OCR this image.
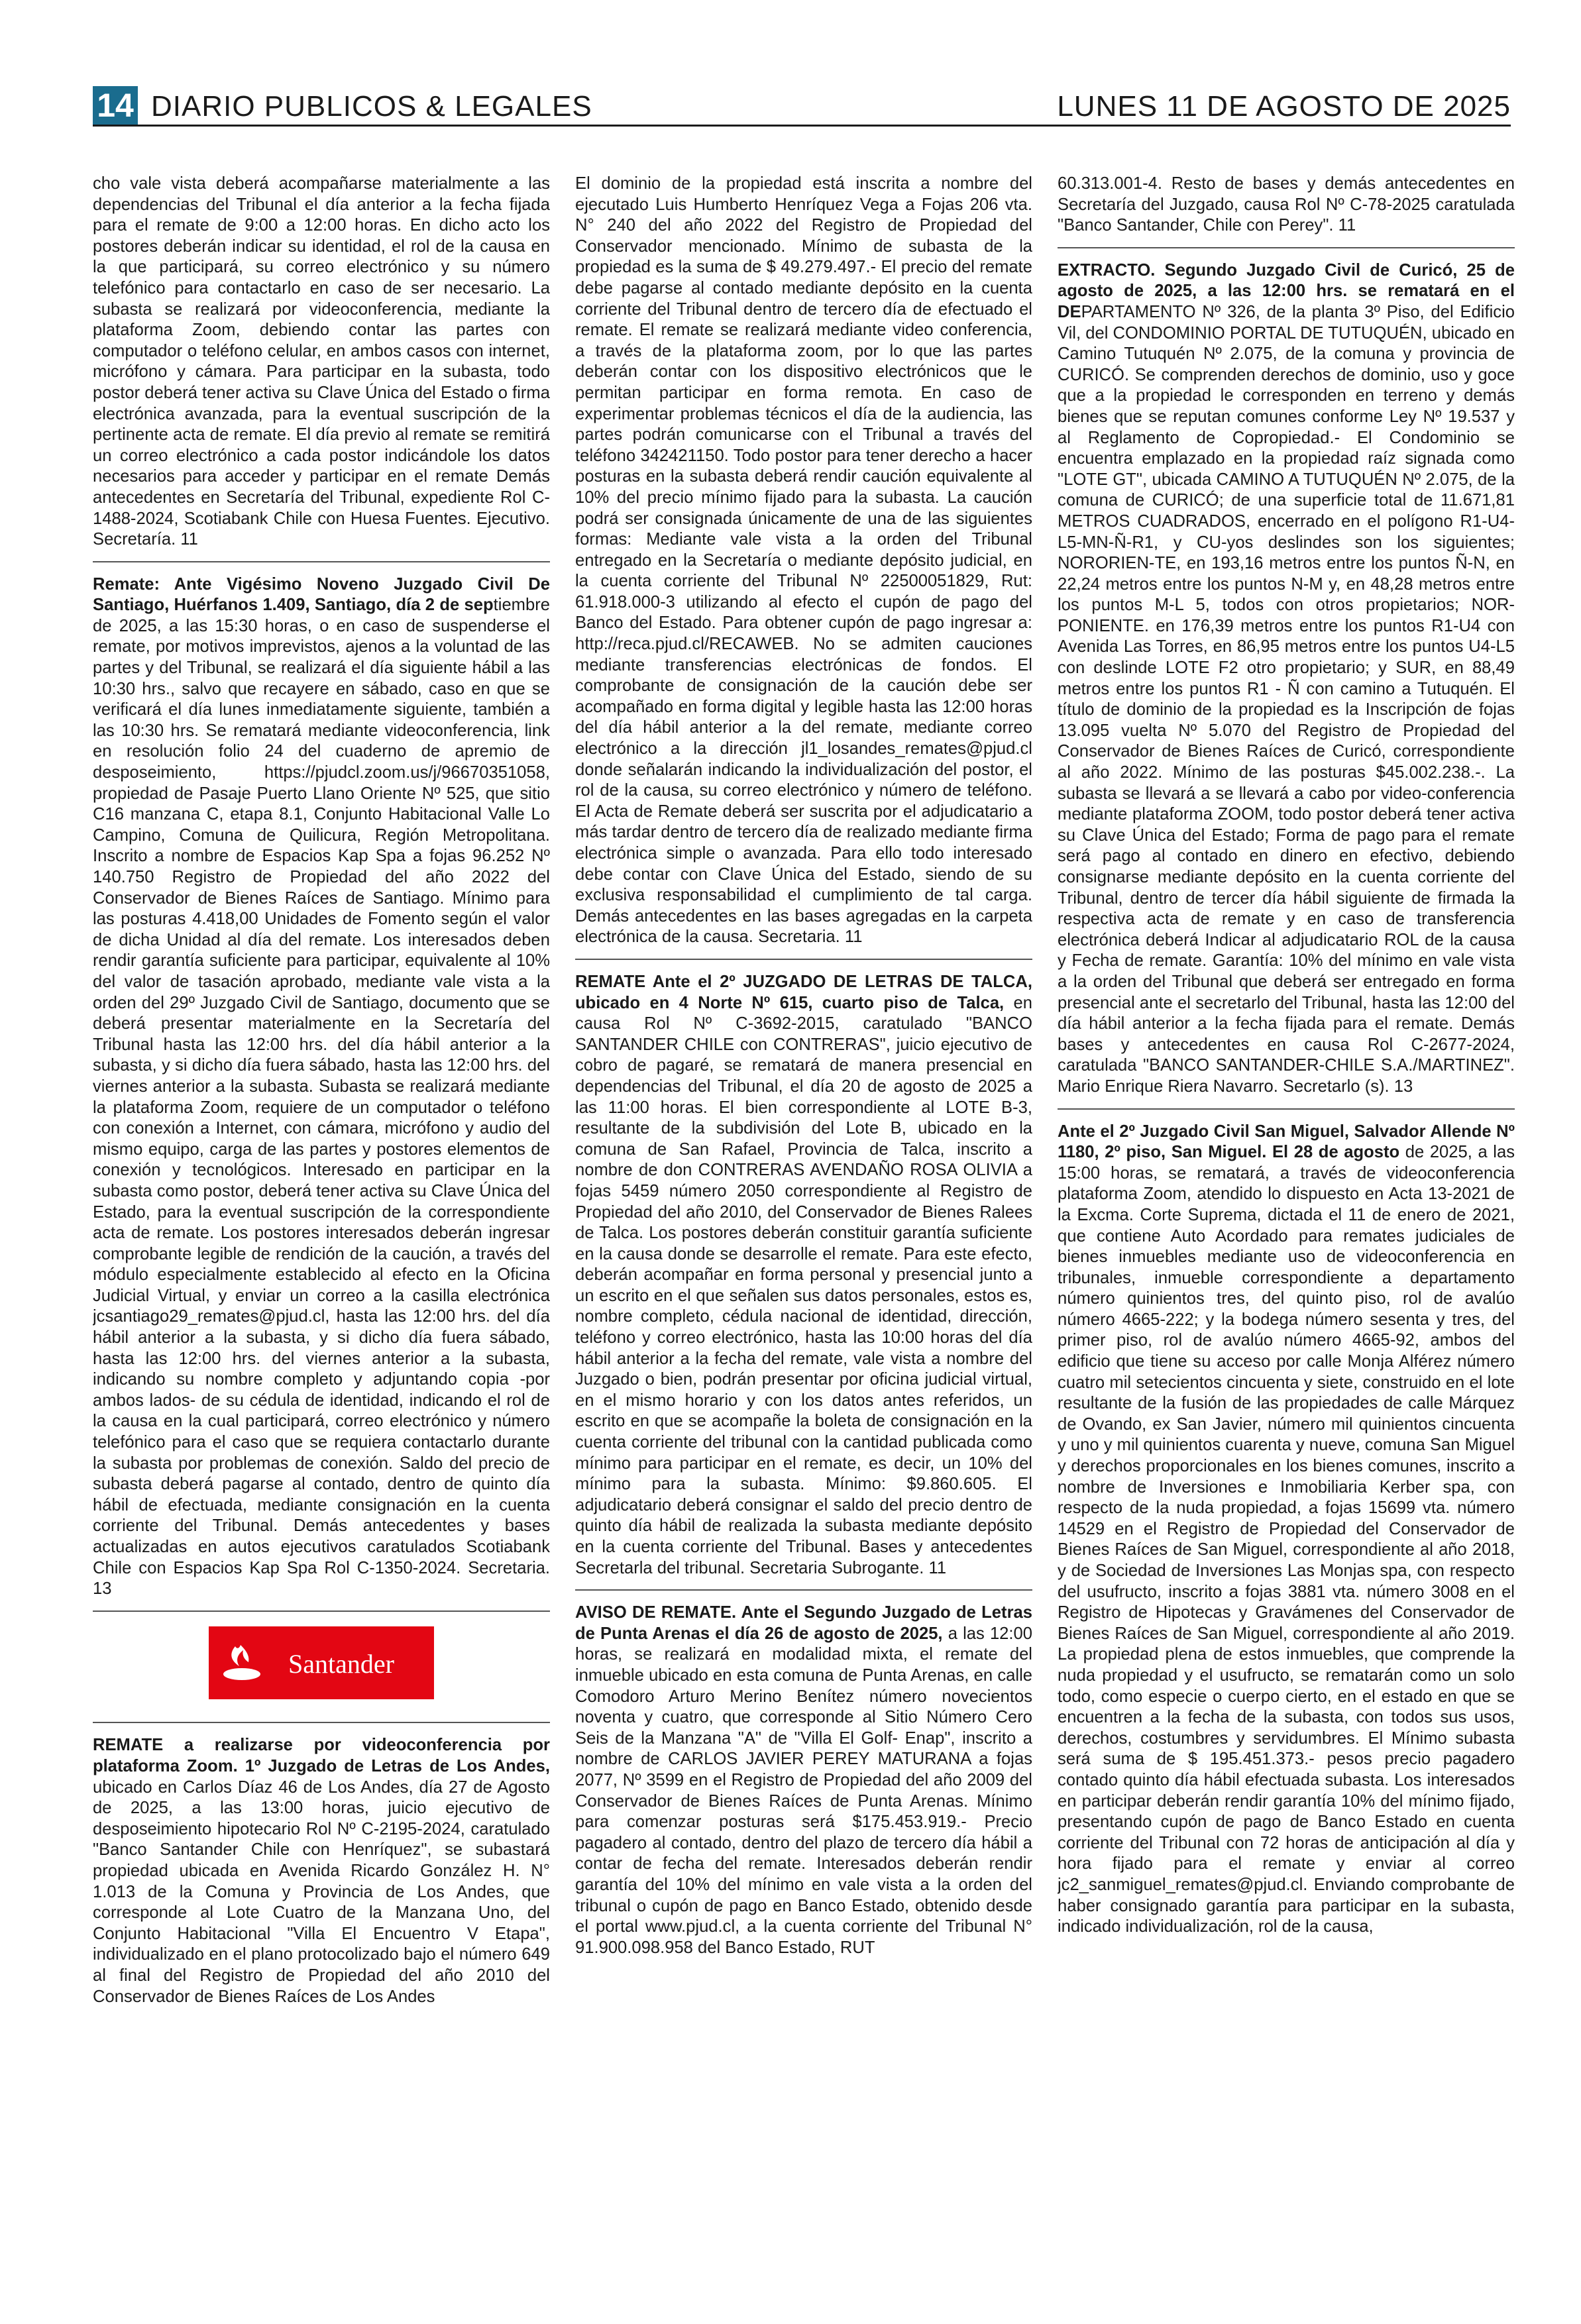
14 DIARIO PUBLICOS & LEGALES	LUNES 11 DE AGOSTO DE 2025

cho vale vista deberá acompañarse materialmente a las dependencias del Tribunal el día anterior a la fecha fijada para el remate de 9:00 a 12:00 horas. En dicho acto los postores deberán indicar su identidad, el rol de la causa en la que participará, su correo electrónico y su número telefónico para contactarlo en caso de ser necesario. La subasta se realizará por videoconferencia, mediante la plataforma Zoom, debiendo contar las partes con computador o teléfono celular, en ambos casos con internet, micrófono y cámara. Para participar en la subasta, todo postor deberá tener activa su Clave Única del Estado o firma electrónica avanzada, para la eventual suscripción de la pertinente acta de remate. El día previo al remate se remitirá un correo electrónico a cada postor indicándole los datos necesarios para acceder y participar en el remate Demás antecedentes en Secretaría del Tribunal, expediente Rol C-1488-2024, Scotiabank Chile con Huesa Fuentes. Ejecutivo. Secretaría. 11

Remate: Ante Vigésimo Noveno Juzgado Civil De Santiago, Huérfanos 1.409, Santiago, día 2 de septiembre de 2025, a las 15:30 horas, o en caso de suspenderse el remate, por motivos imprevistos, ajenos a la voluntad de las partes y del Tribunal, se realizará el día siguiente hábil a las 10:30 hrs., salvo que recayere en sábado, caso en que se verificará el día lunes inmediatamente siguiente, también a las 10:30 hrs. Se rematará mediante videoconferencia, link en resolución folio 24 del cuaderno de apremio de desposeimiento, https://pjudcl.zoom.us/j/96670351058, propiedad de Pasaje Puerto Llano Oriente Nº 525, que sitio C16 manzana C, etapa 8.1, Conjunto Habitacional Valle Lo Campino, Comuna de Quilicura, Región Metropolitana. Inscrito a nombre de Espacios Kap Spa a fojas 96.252 Nº 140.750 Registro de Propiedad del año 2022 del Conservador de Bienes Raíces de Santiago. Mínimo para las posturas 4.418,00 Unidades de Fomento según el valor de dicha Unidad al día del remate. Los interesados deben rendir garantía suficiente para participar, equivalente al 10% del valor de tasación aprobado, mediante vale vista a la orden del 29º Juzgado Civil de Santiago, documento que se deberá presentar materialmente en la Secretaría del Tribunal hasta las 12:00 hrs. del día hábil anterior a la subasta, y si dicho día fuera sábado, hasta las 12:00 hrs. del viernes anterior a la subasta. Subasta se realizará mediante la plataforma Zoom, requiere de un computador o teléfono con conexión a Internet, con cámara, micrófono y audio del mismo equipo, carga de las partes y postores elementos de conexión y tecnológicos. Interesado en participar en la subasta como postor, deberá tener activa su Clave Única del Estado, para la eventual suscripción de la correspondiente acta de remate. Los postores interesados deberán ingresar comprobante legible de rendición de la caución, a través del módulo especialmente establecido al efecto en la Oficina Judicial Virtual, y enviar un correo a la casilla electrónica jcsantiago29_remates@pjud.cl, hasta las 12:00 hrs. del día hábil anterior a la subasta, y si dicho día fuera sábado, hasta las 12:00 hrs. del viernes anterior a la subasta, indicando su nombre completo y adjuntando copia -por ambos lados- de su cédula de identidad, indicando el rol de la causa en la cual participará, correo electrónico y número telefónico para el caso que se requiera contactarlo durante la subasta por problemas de conexión. Saldo del precio de subasta deberá pagarse al contado, dentro de quinto día hábil de efectuada, mediante consignación en la cuenta corriente del Tribunal. Demás antecedentes y bases actualizadas en autos ejecutivos caratulados Scotiabank Chile con Espacios Kap Spa Rol C-1350-2024. Secretaria. 13

Santander

REMATE a realizarse por videoconferencia por plataforma Zoom. 1º Juzgado de Letras de Los Andes, ubicado en Carlos Díaz 46 de Los Andes, día 27 de Agosto de 2025, a las 13:00 horas, juicio ejecutivo de desposeimiento hipotecario Rol Nº C-2195-2024, caratulado "Banco Santander Chile con Henríquez", se subastará propiedad ubicada en Avenida Ricardo González H. N° 1.013 de la Comuna y Provincia de Los Andes, que corresponde al Lote Cuatro de la Manzana Uno, del Conjunto Habitacional "Villa El Encuentro V Etapa", individualizado en el plano protocolizado bajo el número 649 al final del Registro de Propiedad del año 2010 del Conservador de Bienes Raíces de Los Andes

El dominio de la propiedad está inscrita a nombre del ejecutado Luis Humberto Henríquez Vega a Fojas 206 vta. N° 240 del año 2022 del Registro de Propiedad del Conservador mencionado. Mínimo de subasta de la propiedad es la suma de $ 49.279.497.- El precio del remate debe pagarse al contado mediante depósito en la cuenta corriente del Tribunal dentro de tercero día de efectuado el remate. El remate se realizará mediante video conferencia, a través de la plataforma zoom, por lo que las partes deberán contar con los dispositivo electrónicos que le permitan participar en forma remota. En caso de experimentar problemas técnicos el día de la audiencia, las partes podrán comunicarse con el Tribunal a través del teléfono 342421150. Todo postor para tener derecho a hacer posturas en la subasta deberá rendir caución equivalente al 10% del precio mínimo fijado para la subasta. La caución podrá ser consignada únicamente de una de las siguientes formas: Mediante vale vista a la orden del Tribunal entregado en la Secretaría o mediante depósito judicial, en la cuenta corriente del Tribunal Nº 22500051829, Rut: 61.918.000-3 utilizando al efecto el cupón de pago del Banco del Estado. Para obtener cupón de pago ingresar a: http://reca.pjud.cl/RECAWEB. No se admiten cauciones mediante transferencias electrónicas de fondos. El comprobante de consignación de la caución debe ser acompañado en forma digital y legible hasta las 12:00 horas del día hábil anterior a la del remate, mediante correo electrónico a la dirección jl1_losandes_remates@pjud.cl donde señalarán indicando la individualización del postor, el rol de la causa, su correo electrónico y número de teléfono. El Acta de Remate deberá ser suscrita por el adjudicatario a más tardar dentro de tercero día de realizado mediante firma electrónica simple o avanzada. Para ello todo interesado debe contar con Clave Única del Estado, siendo de su exclusiva responsabilidad el cumplimiento de tal carga. Demás antecedentes en las bases agregadas en la carpeta electrónica de la causa. Secretaria. 11

REMATE Ante el 2º JUZGADO DE LETRAS DE TALCA, ubicado en 4 Norte Nº 615, cuarto piso de Talca, en causa Rol Nº C-3692-2015, caratulado "BANCO SANTANDER CHILE con CONTRERAS", juicio ejecutivo de cobro de pagaré, se rematará de manera presencial en dependencias del Tribunal, el día 20 de agosto de 2025 a las 11:00 horas. El bien correspondiente al LOTE B-3, resultante de la subdivisión del Lote B, ubicado en la comuna de San Rafael, Provincia de Talca, inscrito a nombre de don CONTRERAS AVENDAÑO ROSA OLIVIA a fojas 5459 número 2050 correspondiente al Registro de Propiedad del año 2010, del Conservador de Bienes Ralees de Talca. Los postores deberán constituir garantía suficiente en la causa donde se desarrolle el remate. Para este efecto, deberán acompañar en forma personal y presencial junto a un escrito en el que señalen sus datos personales, estos es, nombre completo, cédula nacional de identidad, dirección, teléfono y correo electrónico, hasta las 10:00 horas del día hábil anterior a la fecha del remate, vale vista a nombre del Juzgado o bien, podrán presentar por oficina judicial virtual, en el mismo horario y con los datos antes referidos, un escrito en que se acompañe la boleta de consignación en la cuenta corriente del tribunal con la cantidad publicada como mínimo para participar en el remate, es decir, un 10% del mínimo para la subasta. Mínimo: $9.860.605. El adjudicatario deberá consignar el saldo del precio dentro de quinto día hábil de realizada la subasta mediante depósito en la cuenta corriente del Tribunal. Bases y antecedentes Secretarla del tribunal. Secretaria Subrogante. 11

AVISO DE REMATE. Ante el Segundo Juzgado de Letras de Punta Arenas el día 26 de agosto de 2025, a las 12:00 horas, se realizará en modalidad mixta, el remate del inmueble ubicado en esta comuna de Punta Arenas, en calle Comodoro Arturo Merino Benítez número novecientos noventa y cuatro, que corresponde al Sitio Número Cero Seis de la Manzana "A" de "Villa El Golf- Enap", inscrito a nombre de CARLOS JAVIER PEREY MATURANA a fojas 2077, Nº 3599 en el Registro de Propiedad del año 2009 del Conservador de Bienes Raíces de Punta Arenas. Mínimo para comenzar posturas será $175.453.919.- Precio pagadero al contado, dentro del plazo de tercero día hábil a contar de fecha del remate. Interesados deberán rendir garantía del 10% del mínimo en vale vista a la orden del tribunal o cupón de pago en Banco Estado, obtenido desde el portal www.pjud.cl, a la cuenta corriente del Tribunal N° 91.900.098.958 del Banco Estado, RUT

60.313.001-4. Resto de bases y demás antecedentes en Secretaría del Juzgado, causa Rol Nº C-78-2025 caratulada "Banco Santander, Chile con Perey". 11

EXTRACTO. Segundo Juzgado Civil de Curicó, 25 de agosto de 2025, a las 12:00 hrs. se rematará en el DEPARTAMENTO Nº 326, de la planta 3º Piso, del Edificio Vil, del CONDOMINIO PORTAL DE TUTUQUÉN, ubicado en Camino Tutuquén Nº 2.075, de la comuna y provincia de CURICÓ. Se comprenden derechos de dominio, uso y goce que a la propiedad le corresponden en terreno y demás bienes que se reputan comunes conforme Ley Nº 19.537 y al Reglamento de Copropiedad.- El Condominio se encuentra emplazado en la propiedad raíz signada como "LOTE GT", ubicada CAMINO A TUTUQUÉN Nº 2.075, de la comuna de CURICÓ; de una superficie total de 11.671,81 METROS CUADRADOS, encerrado en el polígono R1-U4-L5-MN-Ñ-R1, y CU-yos deslindes son los siguientes; NORORIEN-TE, en 193,16 metros entre los puntos Ñ-N, en 22,24 metros entre los puntos N-M y, en 48,28 metros entre los puntos M-L 5, todos con otros propietarios; NOR-PONIENTE. en 176,39 metros entre los puntos R1-U4 con Avenida Las Torres, en 86,95 metros entre los puntos U4-L5 con deslinde LOTE F2 otro propietario; y SUR, en 88,49 metros entre los puntos R1 - Ñ con camino a Tutuquén. El título de dominio de la propiedad es la Inscripción de fojas 13.095 vuelta Nº 5.070 del Registro de Propiedad del Conservador de Bienes Raíces de Curicó, correspondiente al año 2022. Mínimo de las posturas $45.002.238.-. La subasta se llevará a se llevará a cabo por video-conferencia mediante plataforma ZOOM, todo postor deberá tener activa su Clave Única del Estado; Forma de pago para el remate será pago al contado en dinero en efectivo, debiendo consignarse mediante depósito en la cuenta corriente del Tribunal, dentro de tercer día hábil siguiente de firmada la respectiva acta de remate y en caso de transferencia electrónica deberá Indicar al adjudicatario ROL de la causa y Fecha de remate. Garantía: 10% del mínimo en vale vista a la orden del Tribunal que deberá ser entregado en forma presencial ante el secretarlo del Tribunal, hasta las 12:00 del día hábil anterior a la fecha fijada para el remate. Demás bases y antecedentes en causa Rol C-2677-2024, caratulada "BANCO SANTANDER-CHILE S.A./MARTINEZ". Mario Enrique Riera Navarro. Secretarlo (s). 13

Ante el 2º Juzgado Civil San Miguel, Salvador Allende Nº 1180, 2º piso, San Miguel. El 28 de agosto de 2025, a las 15:00 horas, se rematará, a través de videoconferencia plataforma Zoom, atendido lo dispuesto en Acta 13-2021 de la Excma. Corte Suprema, dictada el 11 de enero de 2021, que contiene Auto Acordado para remates judiciales de bienes inmuebles mediante uso de videoconferencia en tribunales, inmueble correspondiente a departamento número quinientos tres, del quinto piso, rol de avalúo número 4665-222; y la bodega número sesenta y tres, del primer piso, rol de avalúo número 4665-92, ambos del edificio que tiene su acceso por calle Monja Alférez número cuatro mil setecientos cincuenta y siete, construido en el lote resultante de la fusión de las propiedades de calle Márquez de Ovando, ex San Javier, número mil quinientos cincuenta y uno y mil quinientos cuarenta y nueve, comuna San Miguel y derechos proporcionales en los bienes comunes, inscrito a nombre de Inversiones e Inmobiliaria Kerber spa, con respecto de la nuda propiedad, a fojas 15699 vta. número 14529 en el Registro de Propiedad del Conservador de Bienes Raíces de San Miguel, correspondiente al año 2018, y de Sociedad de Inversiones Las Monjas spa, con respecto del usufructo, inscrito a fojas 3881 vta. número 3008 en el Registro de Hipotecas y Gravámenes del Conservador de Bienes Raíces de San Miguel, correspondiente al año 2019. La propiedad plena de estos inmuebles, que comprende la nuda propiedad y el usufructo, se rematarán como un solo todo, como especie o cuerpo cierto, en el estado en que se encuentren a la fecha de la subasta, con todos sus usos, derechos, costumbres y servidumbres. El Mínimo subasta será suma de $ 195.451.373.- pesos precio pagadero contado quinto día hábil efectuada subasta. Los interesados en participar deberán rendir garantía 10% del mínimo fijado, presentando cupón de pago de Banco Estado en cuenta corriente del Tribunal con 72 horas de anticipación al día y hora fijado para el remate y enviar al correo jc2_sanmiguel_remates@pjud.cl. Enviando comprobante de haber consignado garantía para participar en la subasta, indicado individualización, rol de la causa,
